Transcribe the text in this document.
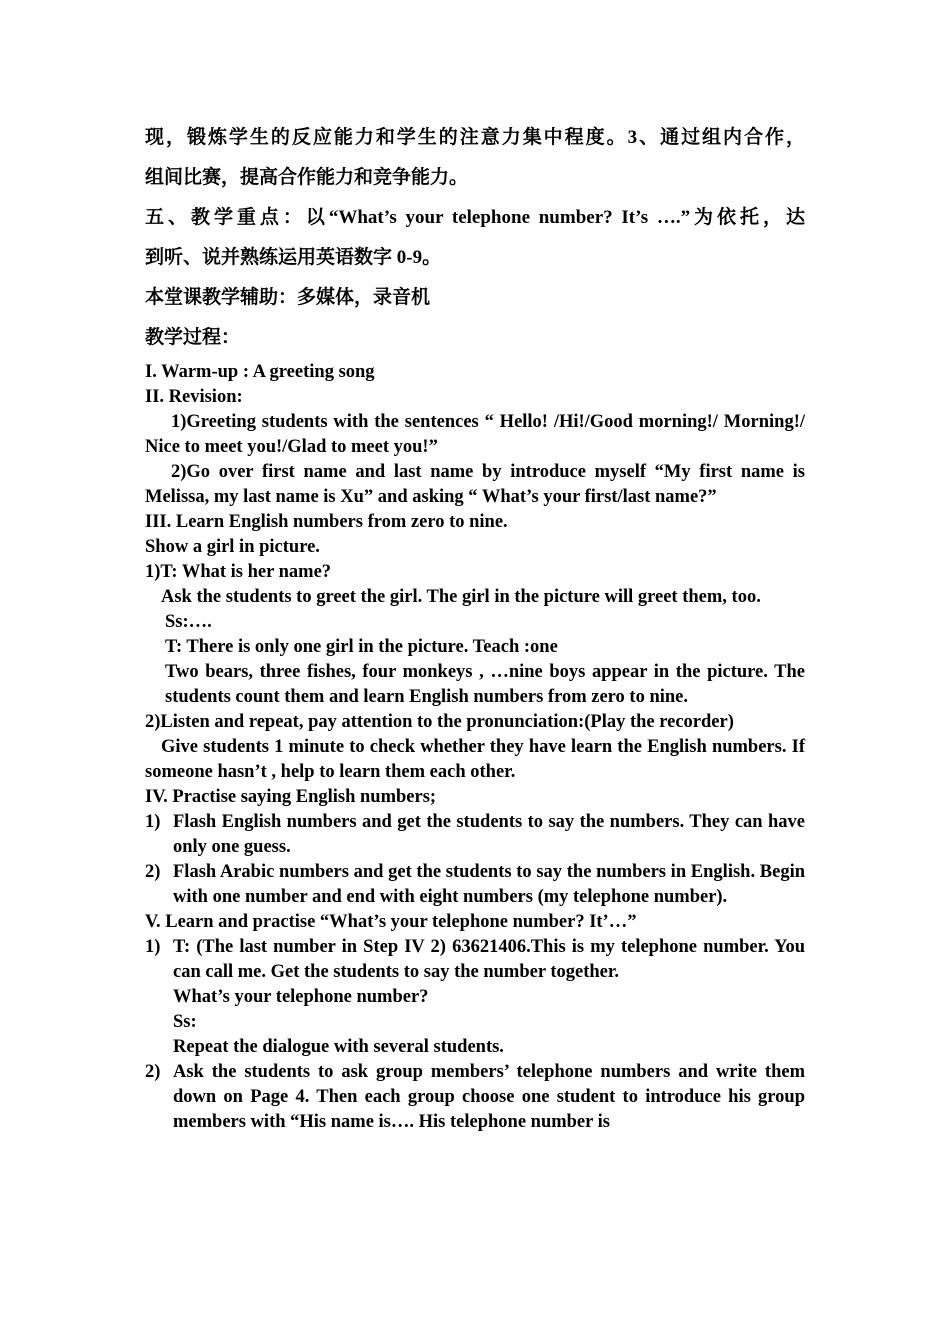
现，锻炼学生的反应能力和学生的注意力集中程度。3、通过组内合作，
组间比赛，提高合作能力和竞争能力。
五、教学重点：以“What’s your telephone number? It’s ….”为依托，达
到听、说并熟练运用英语数字 0-9。
本堂课教学辅助：多媒体，录音机
教学过程：
I. Warm-up : A greeting song
II. Revision:
1)Greeting students with the sentences “ Hello! /Hi!/Good morning!/ Morning!/ Nice to meet you!/Glad to meet you!”
2)Go over first name and last name by introduce myself “My first name is Melissa, my last name is Xu” and asking “ What’s your first/last name?”
III. Learn English numbers from zero to nine.
Show a girl in picture.
1)T: What is her name?
Ask the students to greet the girl. The girl in the picture will greet them, too.
Ss:….
T: There is only one girl in the picture. Teach :one
Two bears, three fishes, four monkeys , …nine boys appear in the picture. The students count them and learn English numbers from zero to nine.
2)Listen and repeat, pay attention to the pronunciation:(Play the recorder)
Give students 1 minute to check whether they have learn the English numbers. If someone hasn’t , help to learn them each other.
IV. Practise saying English numbers;
1) Flash English numbers and get the students to say the numbers. They can have only one guess.
2) Flash Arabic numbers and get the students to say the numbers in English. Begin with one number and end with eight numbers (my telephone number).
V. Learn and practise “What’s your telephone number? It’…”
1) T: (The last number in Step IV 2) 63621406.This is my telephone number. You can call me. Get the students to say the number together.
What’s your telephone number?
Ss:
Repeat the dialogue with several students.
2) Ask the students to ask group members’ telephone numbers and write them down on Page 4. Then each group choose one student to introduce his group members with “His name is…. His telephone number is
